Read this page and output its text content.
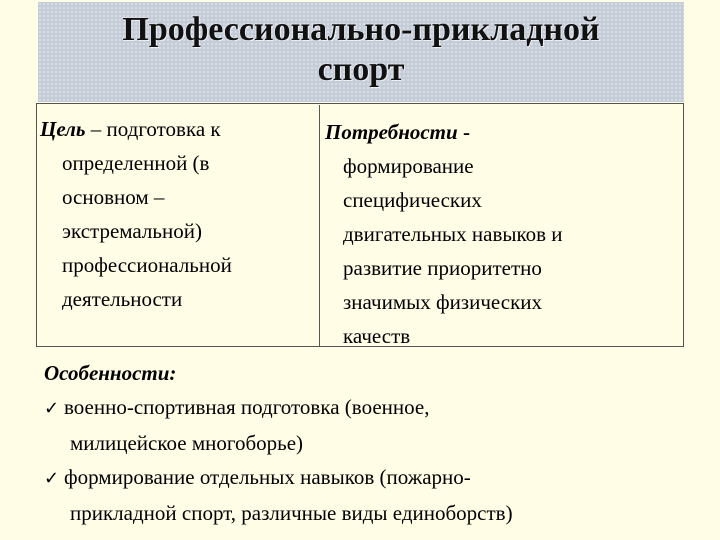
Профессионально-прикладной
спорт
Цель – подготовка к
определенной (в
основном –
экстремальной)
профессиональной
деятельности
Потребности -
формирование
специфических
двигательных навыков и
развитие приоритетно
значимых физических
качеств
Особенности:
✓ военно-спортивная подготовка (военное,
милицейское многоборье)
✓ формирование отдельных навыков (пожарно-
прикладной спорт, различные виды единоборств)
